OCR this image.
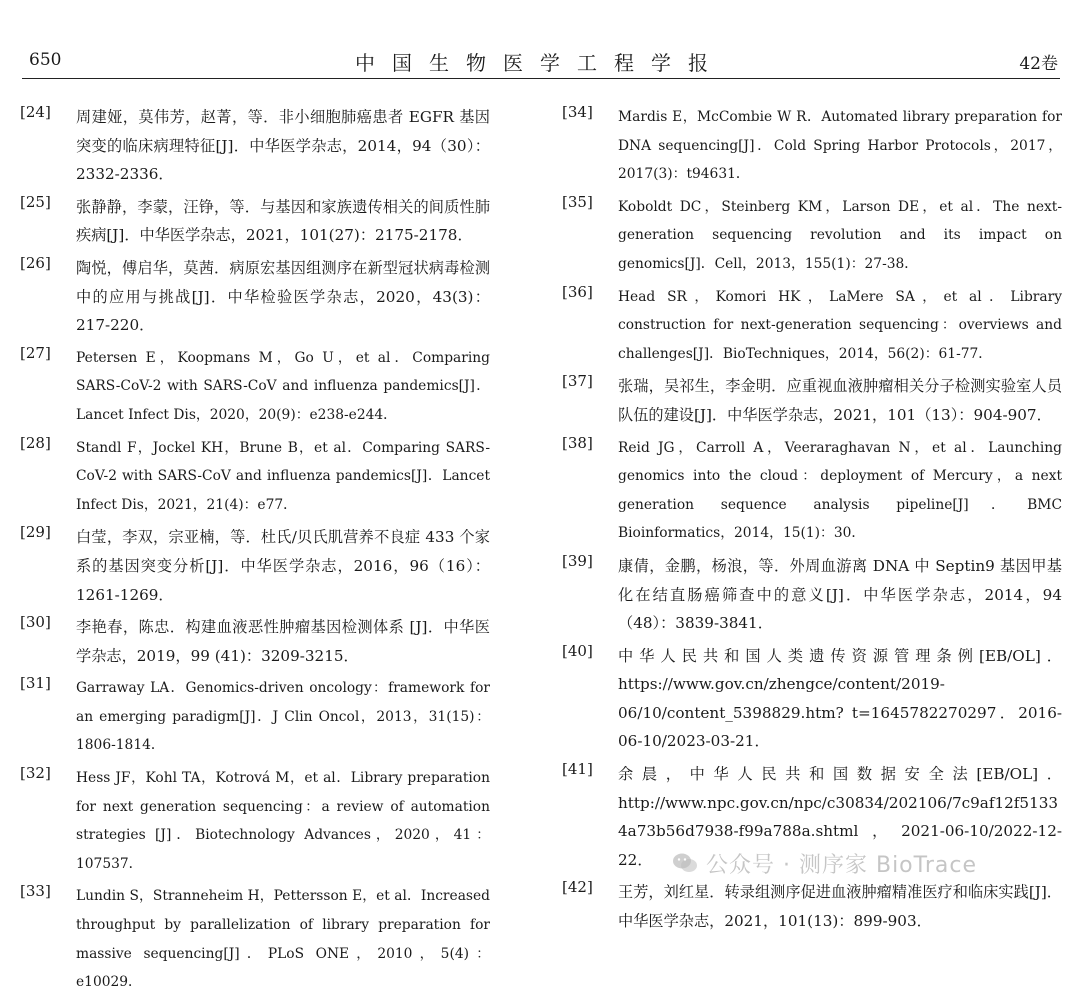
650	中国生物医学工程学报	42卷
[24] 周建娅，莫伟芳，赵菁，等．非小细胞肺癌患者 EGFR 基因突变的临床病理特征[J]．中华医学杂志，2014，94（30）：2332-2336．
[25] 张静静，李蒙，汪铮，等．与基因和家族遗传相关的间质性肺疾病[J]．中华医学杂志，2021，101(27)：2175-2178．
[26] 陶悦，傅启华，莫茜．病原宏基因组测序在新型冠状病毒检测中的应用与挑战[J]．中华检验医学杂志，2020，43(3)：217-220．
[27] Petersen E，Koopmans M，Go U，et al．Comparing SARS-CoV-2 with SARS-CoV and influenza pandemics[J]．Lancet Infect Dis，2020，20(9)：e238-e244．
[28] Standl F，Jockel KH，Brune B，et al．Comparing SARS-CoV-2 with SARS-CoV and influenza pandemics[J]．Lancet Infect Dis，2021，21(4)：e77．
[29] 白莹，李双，宗亚楠，等．杜氏/贝氏肌营养不良症 433 个家系的基因突变分析[J]．中华医学杂志，2016，96（16）：1261-1269．
[30] 李艳春，陈忠．构建血液恶性肿瘤基因检测体系 [J]．中华医学杂志，2019，99 (41)：3209-3215．
[31] Garraway LA．Genomics-driven oncology：framework for an emerging paradigm[J]．J Clin Oncol，2013，31(15)：1806-1814．
[32] Hess JF，Kohl TA，Kotrová M，et al．Library preparation for next generation sequencing：a review of automation strategies [J]．Biotechnology Advances，2020，41：107537．
[33] Lundin S，Stranneheim H，Pettersson E，et al．Increased throughput by parallelization of library preparation for massive sequencing[J]．PLoS ONE，2010，5(4)：e10029．
[34] Mardis E，McCombie W R．Automated library preparation for DNA sequencing[J]．Cold Spring Harbor Protocols，2017，2017(3)：t94631．
[35] Koboldt DC，Steinberg KM，Larson DE，et al．The next-generation sequencing revolution and its impact on genomics[J]．Cell，2013，155(1)：27-38．
[36] Head SR，Komori HK，LaMere SA，et al．Library construction for next-generation sequencing：overviews and challenges[J]．BioTechniques，2014，56(2)：61-77．
[37] 张瑞，吴祁生，李金明．应重视血液肿瘤相关分子检测实验室人员队伍的建设[J]．中华医学杂志，2021，101（13）：904-907．
[38] Reid JG，Carroll A，Veeraraghavan N，et al．Launching genomics into the cloud：deployment of Mercury，a next generation sequence analysis pipeline[J]．BMC Bioinformatics，2014，15(1)：30．
[39] 康倩，金鹏，杨浪，等．外周血游离 DNA 中 Septin9 基因甲基化在结直肠癌筛查中的意义[J]．中华医学杂志，2014，94（48）：3839-3841．
[40] 中华人民共和国人类遗传资源管理条例[EB/OL]．https://www.gov.cn/zhengce/content/2019-06/10/content_5398829.htm? t=1645782270297．2016-06-10/2023-03-21．
[41] 余晨，中华人民共和国数据安全法[EB/OL]．http://www.npc.gov.cn/npc/c30834/202106/7c9af12f51334a73b56d7938-f99a788a.shtml，2021-06-10/2022-12-22．
[42] 王芳，刘红星．转录组测序促进血液肿瘤精准医疗和临床实践[J]．中华医学杂志，2021，101(13)：899-903．
公众号 · 测序家 BioTrace
